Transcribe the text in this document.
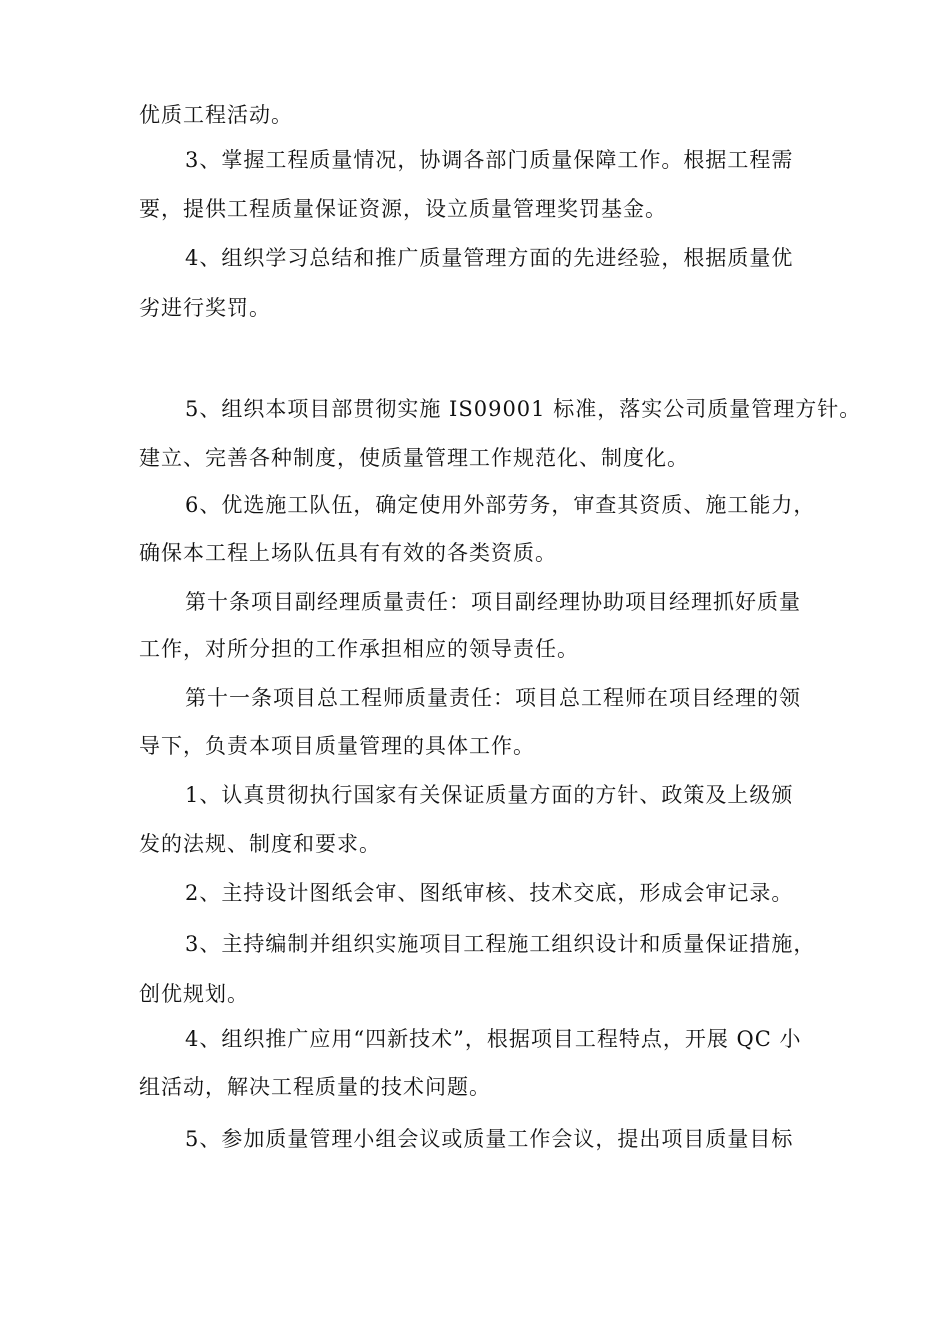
优质工程活动。
3、掌握工程质量情况，协调各部门质量保障工作。根据工程需
要，提供工程质量保证资源，设立质量管理奖罚基金。
4、组织学习总结和推广质量管理方面的先进经验，根据质量优
劣进行奖罚。
5、组织本项目部贯彻实施 IS09001 标准，落实公司质量管理方针。
建立、完善各种制度，使质量管理工作规范化、制度化。
6、优选施工队伍，确定使用外部劳务，审查其资质、施工能力，
确保本工程上场队伍具有有效的各类资质。
第十条项目副经理质量责任：项目副经理协助项目经理抓好质量
工作，对所分担的工作承担相应的领导责任。
第十一条项目总工程师质量责任：项目总工程师在项目经理的领
导下，负责本项目质量管理的具体工作。
1、认真贯彻执行国家有关保证质量方面的方针、政策及上级颁
发的法规、制度和要求。
2、主持设计图纸会审、图纸审核、技术交底，形成会审记录。
3、主持编制并组织实施项目工程施工组织设计和质量保证措施，
创优规划。
4、组织推广应用“四新技术”，根据项目工程特点，开展 QC 小
组活动，解决工程质量的技术问题。
5、参加质量管理小组会议或质量工作会议，提出项目质量目标
